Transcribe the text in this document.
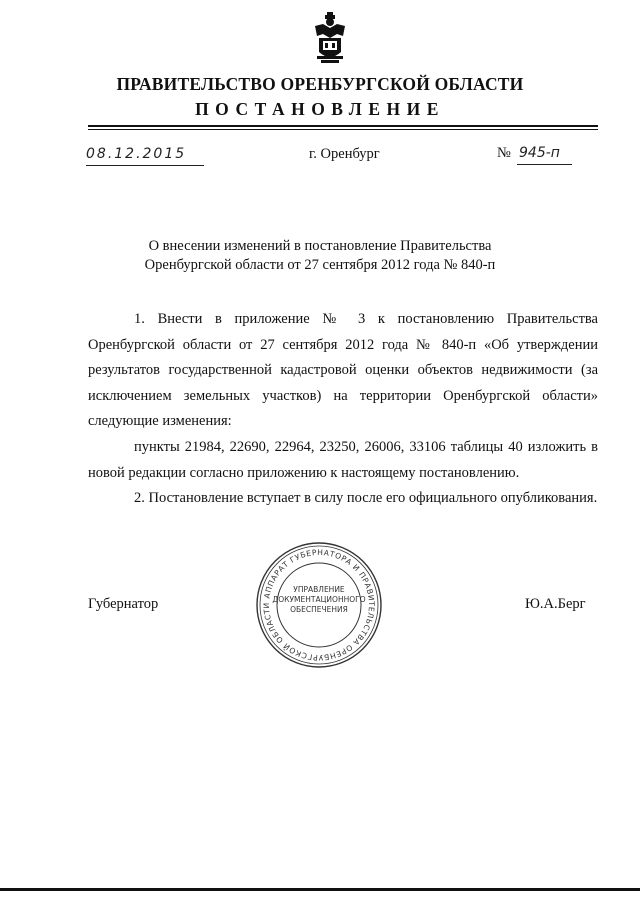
ПРАВИТЕЛЬСТВО ОРЕНБУРГСКОЙ ОБЛАСТИ
ПОСТАНОВЛЕНИЕ
08.12.2015	г. Оренбург	№ 945-п
О внесении изменений в постановление Правительства
Оренбургской области от 27 сентября 2012 года № 840-п

1. Внести в приложение № 3 к постановлению Правительства Оренбургской области от 27 сентября 2012 года № 840-п «Об утверждении результатов государственной кадастровой оценки объектов недвижимости (за исключением земельных участков) на территории Оренбургской области» следующие изменения:

пункты 21984, 22690, 22964, 23250, 26006, 33106 таблицы 40 изложить в новой редакции согласно приложению к настоящему постановлению.

2. Постановление вступает в силу после его официального опубликования.

АППАРАТ ГУБЕРНАТОРА И ПРАВИТЕЛЬСТВА ОРЕНБУРГСКОЙ ОБЛАСТИ
УПРАВЛЕНИЕ
ДОКУМЕНТАЦИОННОГО
ОБЕСПЕЧЕНИЯ
Губернатор	Ю.А.Берг
